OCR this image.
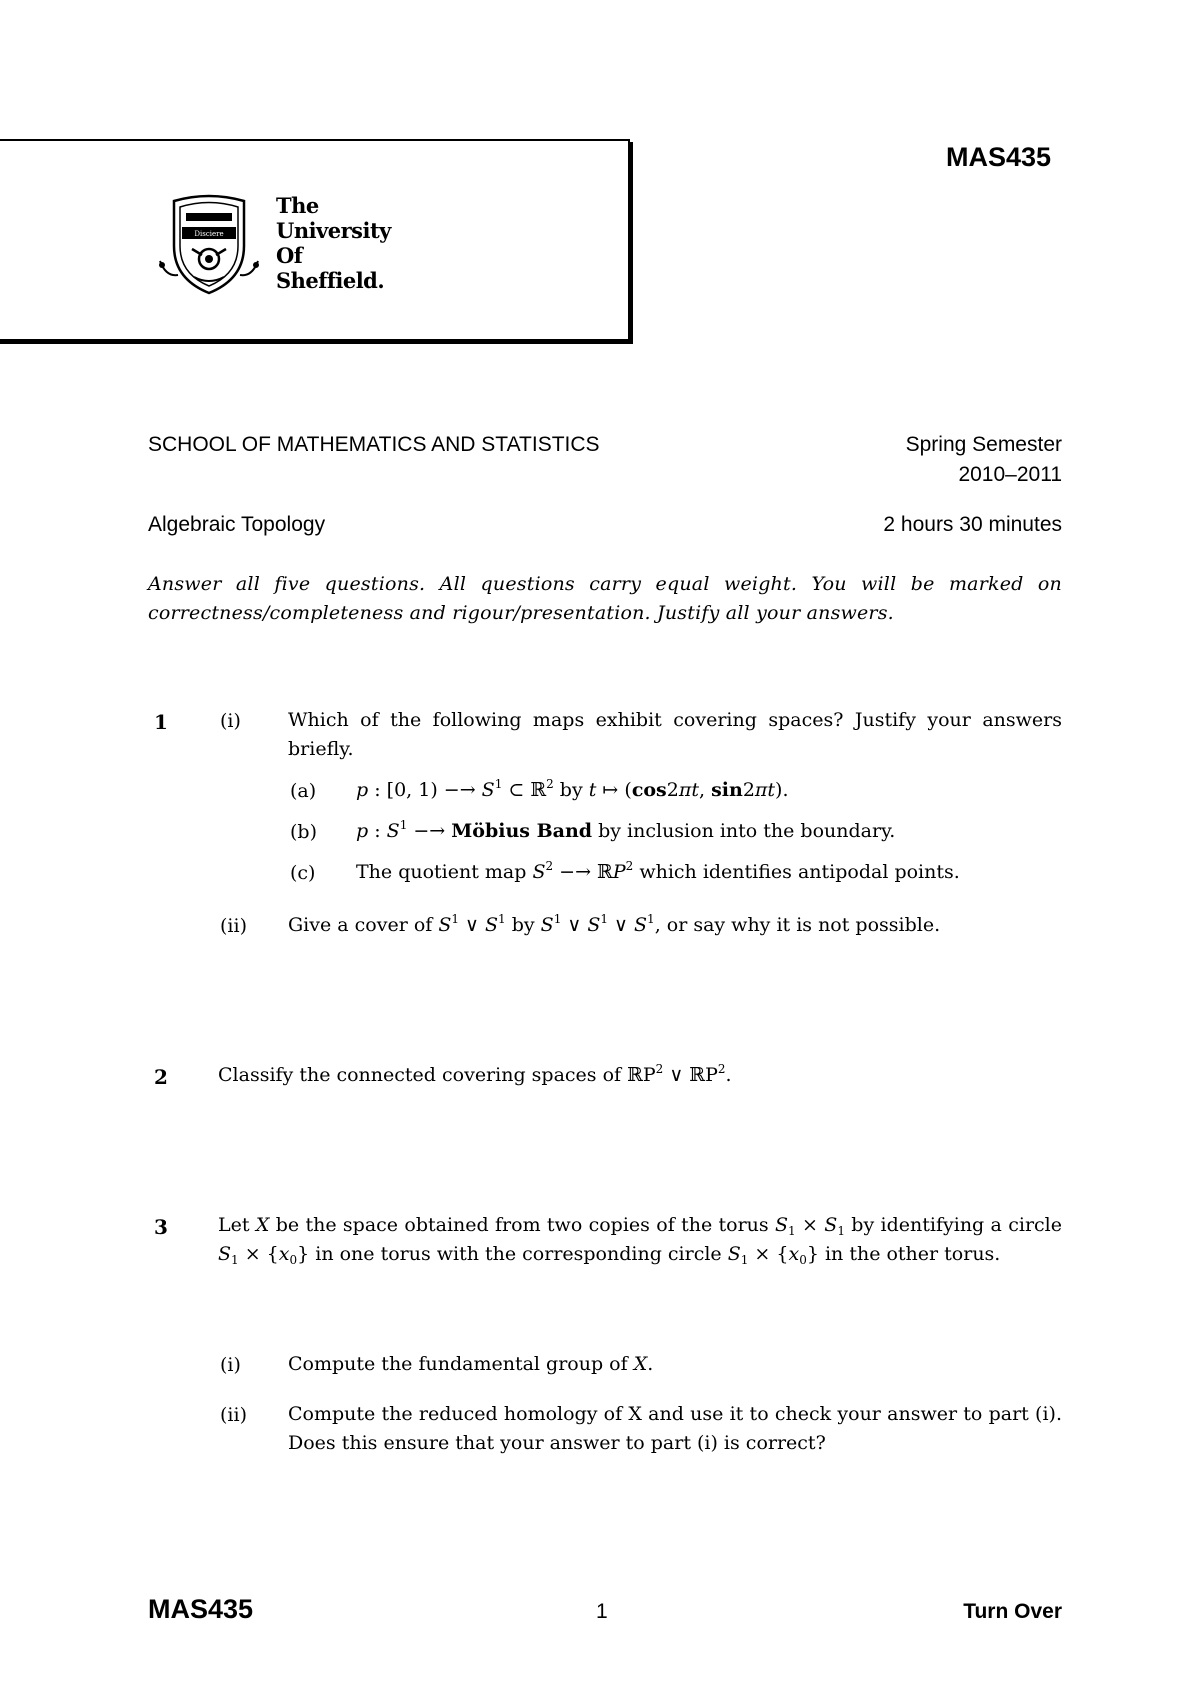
Disciere
The
University
Of
Sheffield.
MAS435
SCHOOL OF MATHEMATICS AND STATISTICS	Spring Semester
2010–2011
Algebraic Topology	2 hours 30 minutes
Answer all five questions. All questions carry equal weight. You will be marked on correctness/completeness and rigour/presentation. Justify all your answers.
1	(i) Which of the following maps exhibit covering spaces? Justify your answers briefly.
(a) p : [0, $1) -\to S^1$ ⊂ ℝ$^2$ by t ↦ (cos2πt, sin2πt).
(b) p : $S^1$ −→ Möbius Band by inclusion into the boundary.
(c) The quotient map $S^2$ −→ ℝP$^2$ which identifies antipodal points.
(ii) Give a cover of $S^1$ ∨ $S^1$ by $S^1$ ∨ $S^1$ ∨ $S^1$, or say why it is not possible.
2	Classify the connected covering spaces of ℝP$^2$ ∨ ℝP$^2$.
3	Let X be the space obtained from two copies of the torus $S_1 \times S_1$ by identifying a circle $S_1 \times \{x_0\}$ in one torus with the corresponding circle $S_1 \times \{x_0\}$ in the other torus.
(i) Compute the fundamental group of X.
(ii) Compute the reduced homology of X and use it to check your answer to part (i). Does this ensure that your answer to part (i) is correct?
MAS435	1	Turn Over
